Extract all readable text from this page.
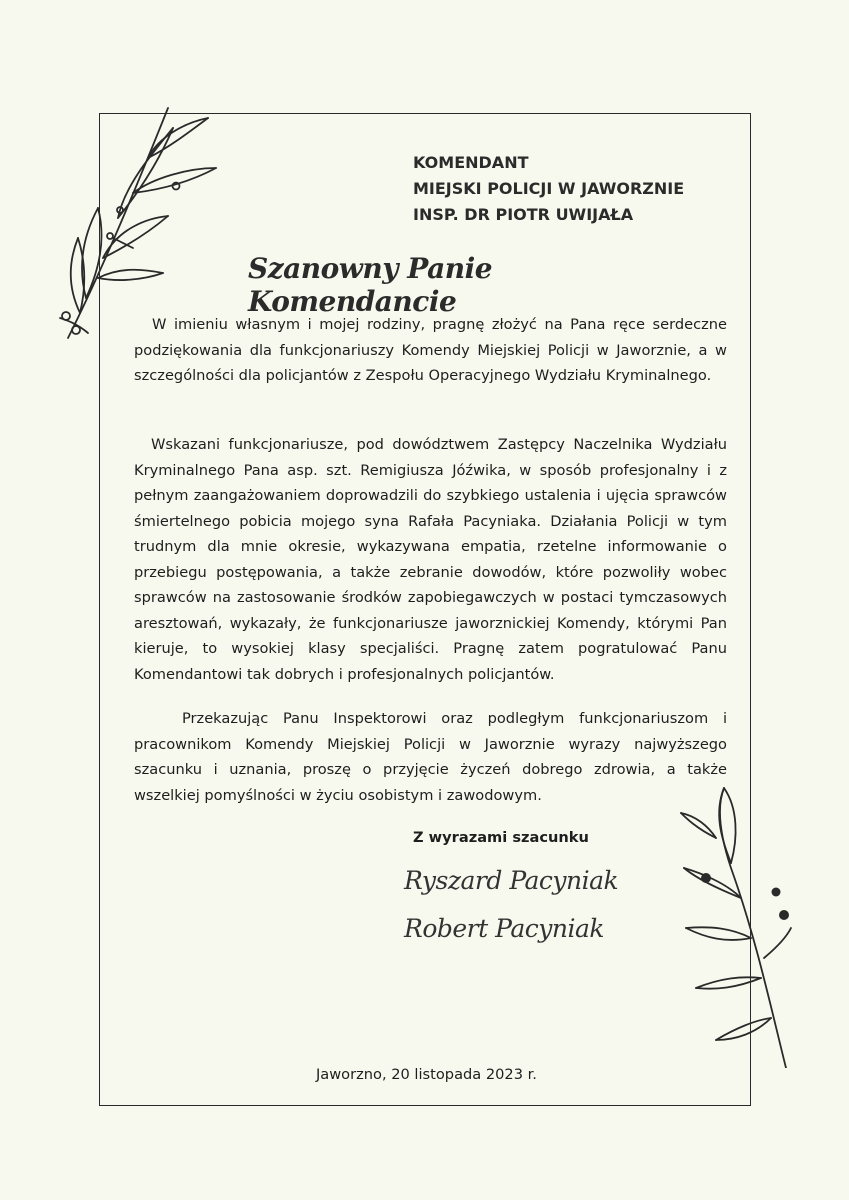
KOMENDANT
MIEJSKI POLICJI W JAWORZNIE
INSP. DR PIOTR UWIJAŁA
Szanowny Panie Komendancie

W imieniu własnym i mojej rodziny, pragnę złożyć na Pana ręce serdeczne podziękowania dla funkcjonariuszy Komendy Miejskiej Policji w Jaworznie, a w szczególności dla policjantów z Zespołu Operacyjnego Wydziału Kryminalnego.

Wskazani funkcjonariusze, pod dowództwem Zastępcy Naczelnika Wydziału Kryminalnego Pana asp. szt. Remigiusza Jóźwika, w sposób profesjonalny i z pełnym zaangażowaniem doprowadzili do szybkiego ustalenia i ujęcia sprawców śmiertelnego pobicia mojego syna Rafała Pacyniaka. Działania Policji w tym trudnym dla mnie okresie, wykazywana empatia, rzetelne informowanie o przebiegu postępowania, a także zebranie dowodów, które pozwoliły wobec sprawców na zastosowanie środków zapobiegawczych w postaci tymczasowych aresztowań, wykazały, że funkcjonariusze jaworznickiej Komendy, którymi Pan kieruje, to wysokiej klasy specjaliści. Pragnę zatem pogratulować Panu Komendantowi tak dobrych i profesjonalnych policjantów.

Przekazując Panu Inspektorowi oraz podległym funkcjonariuszom i pracownikom Komendy Miejskiej Policji w Jaworznie wyrazy najwyższego szacunku i uznania, proszę o przyjęcie życzeń dobrego zdrowia, a także wszelkiej pomyślności w życiu osobistym i zawodowym.

Z wyrazami szacunku
Ryszard Pacyniak
Robert Pacyniak
Jaworzno, 20 listopada 2023 r.
